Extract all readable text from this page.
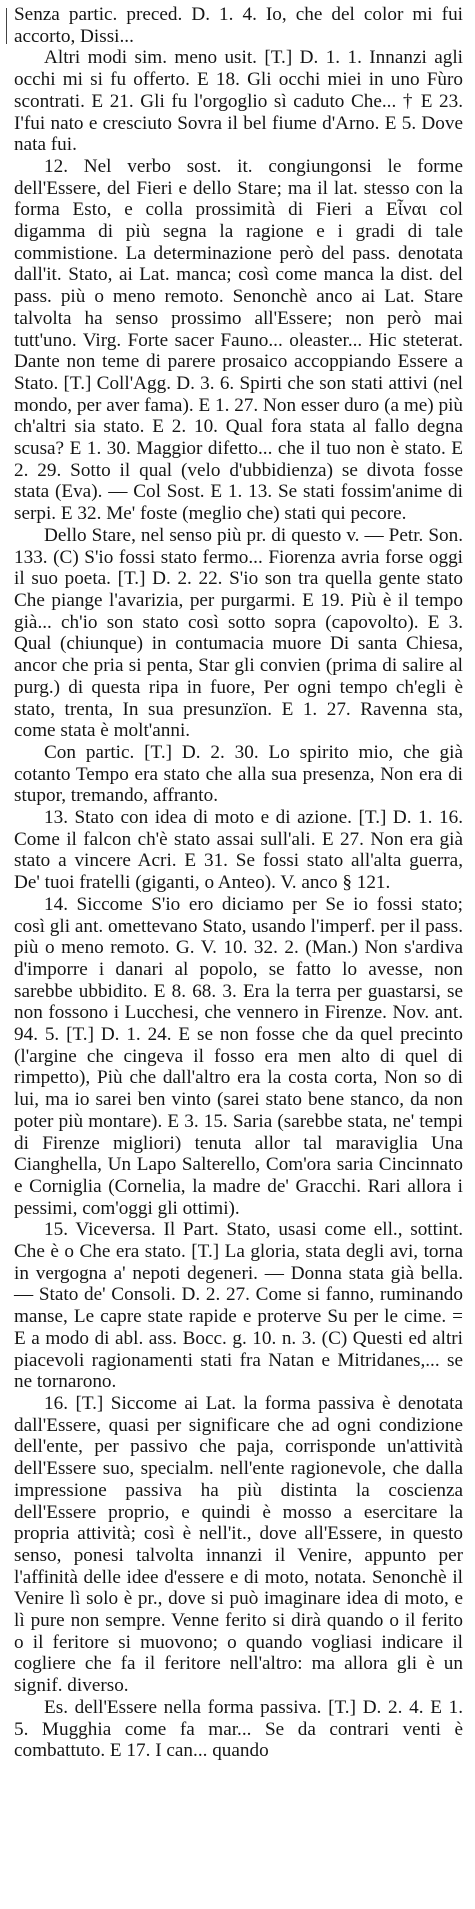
Senza partic. preced. D. 1. 4. Io, che del color mi fui accorto, Dissi...

Altri modi sim. meno usit. [T.] D. 1. 1. Innanzi agli occhi mi si fu offerto. E 18. Gli occhi miei in uno Fùro scontrati. E 21. Gli fu l'orgoglio sì caduto Che... † E 23. I'fui nato e cresciuto Sovra il bel fiume d'Arno. E 5. Dove nata fui.

12. Nel verbo sost. it. congiungonsi le forme dell'Essere, del Fieri e dello Stare; ma il lat. stesso con la forma Esto, e colla prossimità di Fieri a Εἶναι col digamma di più segna la ragione e i gradi di tale commistione. La determinazione però del pass. denotata dall'it. Stato, ai Lat. manca; così come manca la dist. del pass. più o meno remoto. Senonchè anco ai Lat. Stare talvolta ha senso prossimo all'Essere; non però mai tutt'uno. Virg. Forte sacer Fauno... oleaster... Hic steterat. Dante non teme di parere prosaico accoppiando Essere a Stato. [T.] Coll'Agg. D. 3. 6. Spirti che son stati attivi (nel mondo, per aver fama). E 1. 27. Non esser duro (a me) più ch'altri sia stato. E 2. 10. Qual fora stata al fallo degna scusa? E 1. 30. Maggior difetto... che il tuo non è stato. E 2. 29. Sotto il qual (velo d'ubbidienza) se divota fosse stata (Eva). — Col Sost. E 1. 13. Se stati fossim'anime di serpi. E 32. Me' foste (meglio che) stati qui pecore.

Dello Stare, nel senso più pr. di questo v. — Petr. Son. 133. (C) S'io fossi stato fermo... Fiorenza avria forse oggi il suo poeta. [T.] D. 2. 22. S'io son tra quella gente stato Che piange l'avarizia, per purgarmi. E 19. Più è il tempo già... ch'io son stato così sotto sopra (capovolto). E 3. Qual (chiunque) in contumacia muore Di santa Chiesa, ancor che pria si penta, Star gli convien (prima di salire al purg.) di questa ripa in fuore, Per ogni tempo ch'egli è stato, trenta, In sua presunzïon. E 1. 27. Ravenna sta, come stata è molt'anni.

Con partic. [T.] D. 2. 30. Lo spirito mio, che già cotanto Tempo era stato che alla sua presenza, Non era di stupor, tremando, affranto.

13. Stato con idea di moto e di azione. [T.] D. 1. 16. Come il falcon ch'è stato assai sull'ali. E 27. Non era già stato a vincere Acri. E 31. Se fossi stato all'alta guerra, De' tuoi fratelli (giganti, o Anteo). V. anco § 121.

14. Siccome S'io ero diciamo per Se io fossi stato; così gli ant. omettevano Stato, usando l'imperf. per il pass. più o meno remoto. G. V. 10. 32. 2. (Man.) Non s'ardiva d'imporre i danari al popolo, se fatto lo avesse, non sarebbe ubbidito. E 8. 68. 3. Era la terra per guastarsi, se non fossono i Lucchesi, che vennero in Firenze. Nov. ant. 94. 5. [T.] D. 1. 24. E se non fosse che da quel precinto (l'argine che cingeva il fosso era men alto di quel di rimpetto), Più che dall'altro era la costa corta, Non so di lui, ma io sarei ben vinto (sarei stato bene stanco, da non poter più montare). E 3. 15. Saria (sarebbe stata, ne' tempi di Firenze migliori) tenuta allor tal maraviglia Una Cianghella, Un Lapo Salterello, Com'ora saria Cincinnato e Corniglia (Cornelia, la madre de' Gracchi. Rari allora i pessimi, com'oggi gli ottimi).

15. Viceversa. Il Part. Stato, usasi come ell., sottint. Che è o Che era stato. [T.] La gloria, stata degli avi, torna in vergogna a' nepoti degeneri. — Donna stata già bella. — Stato de' Consoli. D. 2. 27. Come si fanno, ruminando manse, Le capre state rapide e proterve Su per le cime. = E a modo di abl. ass. Bocc. g. 10. n. 3. (C) Questi ed altri piacevoli ragionamenti stati fra Natan e Mitridanes,... se ne tornarono.

16. [T.] Siccome ai Lat. la forma passiva è denotata dall'Essere, quasi per significare che ad ogni condizione dell'ente, per passivo che paja, corrisponde un'attività dell'Essere suo, specialm. nell'ente ragionevole, che dalla impressione passiva ha più distinta la coscienza dell'Essere proprio, e quindi è mosso a esercitare la propria attività; così è nell'it., dove all'Essere, in questo senso, ponesi talvolta innanzi il Venire, appunto per l'affinità delle idee d'essere e di moto, notata. Senonchè il Venire lì solo è pr., dove si può imaginare idea di moto, e lì pure non sempre. Venne ferito si dirà quando o il ferito o il feritore si muovono; o quando vogliasi indicare il cogliere che fa il feritore nell'altro: ma allora gli è un signif. diverso.

Es. dell'Essere nella forma passiva. [T.] D. 2. 4. E 1. 5. Mugghia come fa mar... Se da contrari venti è combattuto. E 17. I can... quando
